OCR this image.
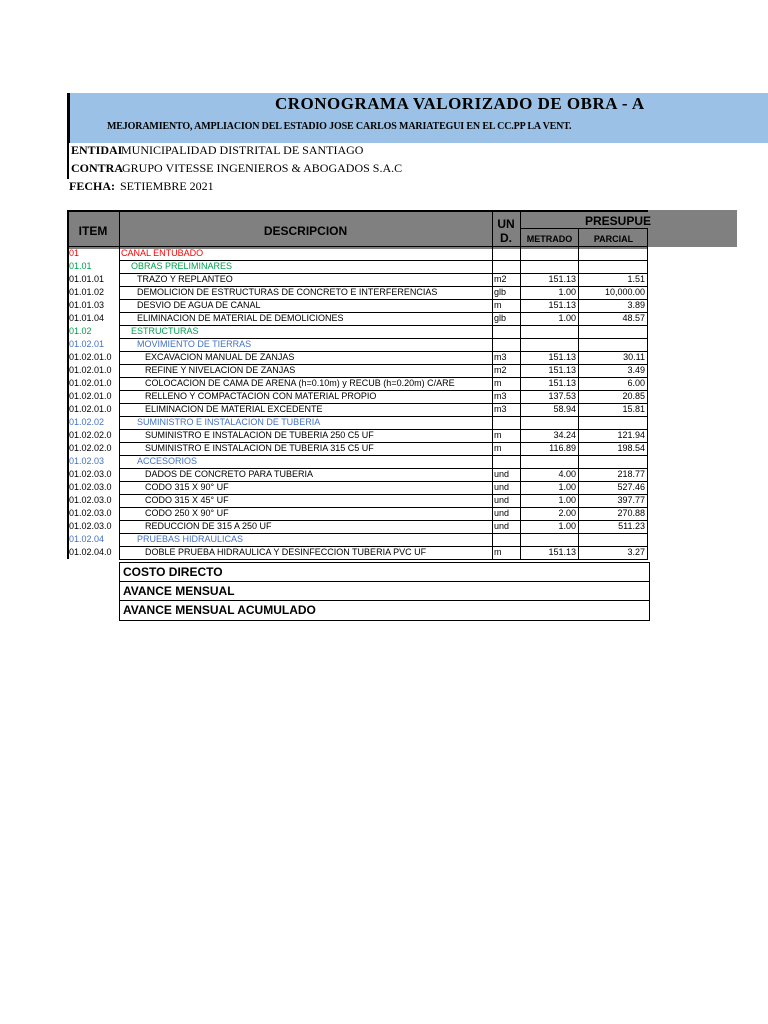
CRONOGRAMA VALORIZADO DE OBRA - A
MEJORAMIENTO, AMPLIACION DEL ESTADIO JOSE CARLOS MARIATEGUI EN EL CC.PP LA VENT.
ENTIDAI
MUNICIPALIDAD DISTRITAL DE SANTIAGO
CONTRA
GRUPO VITESSE INGENIEROS & ABOGADOS S.A.C
FECHA: SETIEMBRE 2021
ITEM	DESCRIPCION	UN D.
PRESUPUE
METRADO	PARCIAL
01	CANAL ENTUBADO
01.01	OBRAS PRELIMINARES
01.01.01	TRAZO Y REPLANTEO	m2	151.13	1.51
01.01.02	DEMOLICION DE ESTRUCTURAS DE CONCRETO E INTERFERENCIAS	glb	1.00	10,000.00
01.01.03	DESVIO DE AGUA DE CANAL	m	151.13	3.89
01.01.04	ELIMINACION DE MATERIAL DE DEMOLICIONES	glb	1.00	48.57
01.02	ESTRUCTURAS
01.02.01	MOVIMIENTO DE TIERRAS
01.02.01.0	EXCAVACION MANUAL DE ZANJAS	m3	151.13	30.11
01.02.01.0	REFINE Y NIVELACION DE ZANJAS	m2	151.13	3.49
01.02.01.0	COLOCACION DE CAMA DE ARENA (h=0.10m) y RECUB (h=0.20m) C/ARE	m	151.13	6.00
01.02.01.0	RELLENO Y COMPACTACION CON MATERIAL PROPIO	m3	137.53	20.85
01.02.01.0	ELIMINACION DE MATERIAL EXCEDENTE	m3	58.94	15.81
01.02.02	SUMINISTRO E INSTALACION DE TUBERIA
01.02.02.0	SUMINISTRO E INSTALACION DE TUBERIA 250 C5 UF	m	34.24	121.94
01.02.02.0	SUMINISTRO E INSTALACION DE TUBERIA 315 C5 UF	m	116.89	198.54
01.02.03	ACCESORIOS
01.02.03.0	DADOS DE CONCRETO PARA TUBERIA	und	4.00	218.77
01.02.03.0	CODO 315 X 90° UF	und	1.00	527.46
01.02.03.0	CODO 315 X 45° UF	und	1.00	397.77
01.02.03.0	CODO 250 X 90° UF	und	2.00	270.88
01.02.03.0	REDUCCION DE 315 A 250 UF	und	1.00	511.23
01.02.04	PRUEBAS HIDRAULICAS
01.02.04.0	DOBLE PRUEBA HIDRAULICA Y DESINFECCION TUBERIA PVC UF	m	151.13	3.27
COSTO DIRECTO
AVANCE MENSUAL
AVANCE MENSUAL ACUMULADO
